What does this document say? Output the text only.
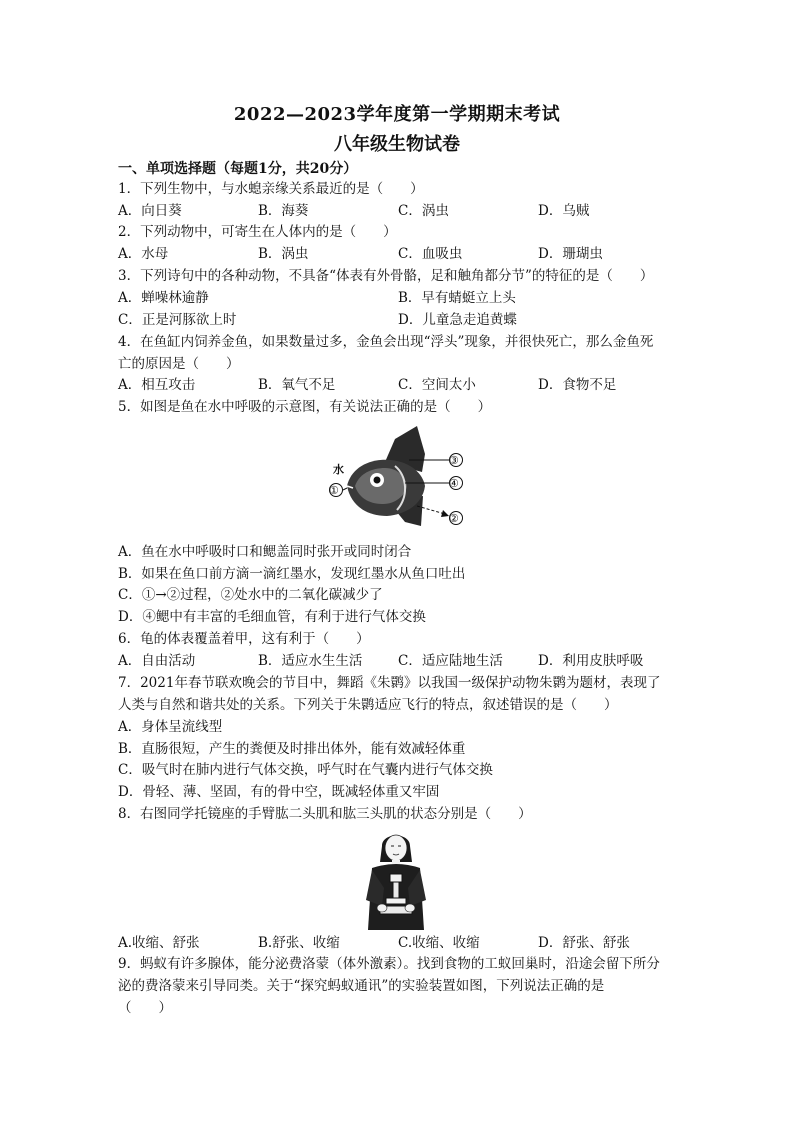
2022—2023学年度第一学期期末考试
八年级生物试卷
一、单项选择题（每题1分，共20分）
1．下列生物中，与水螅亲缘关系最近的是（　　）
A．向日葵	B．海葵	C．涡虫	D．乌贼
2．下列动物中，可寄生在人体内的是（　　）
A．水母	B．涡虫	C．血吸虫	D．珊瑚虫
3．下列诗句中的各种动物，不具备“体表有外骨骼，足和触角都分节”的特征的是（　　）
A．蝉噪林逾静	B．早有蜻蜓立上头
C．正是河豚欲上时	D．儿童急走追黄蝶
4．在鱼缸内饲养金鱼，如果数量过多，金鱼会出现“浮头”现象，并很快死亡，那么金鱼死
亡的原因是（　　）
A．相互攻击	B．氧气不足	C．空间太小	D．食物不足
5．如图是鱼在水中呼吸的示意图，有关说法正确的是（　　）
水
①
③
④
②
A．鱼在水中呼吸时口和鳃盖同时张开或同时闭合
B．如果在鱼口前方滴一滴红墨水，发现红墨水从鱼口吐出
C．①→②过程，②处水中的二氧化碳减少了
D．④鳃中有丰富的毛细血管，有利于进行气体交换
6．龟的体表覆盖着甲，这有利于（　　）
A．自由活动	B．适应水生生活	C．适应陆地生活	D．利用皮肤呼吸
7．2021年春节联欢晚会的节目中，舞蹈《朱鹮》以我国一级保护动物朱鹮为题材，表现了
人类与自然和谐共处的关系。下列关于朱鹮适应飞行的特点，叙述错误的是（　　）
A．身体呈流线型
B．直肠很短，产生的粪便及时排出体外，能有效减轻体重
C．吸气时在肺内进行气体交换，呼气时在气囊内进行气体交换
D．骨轻、薄、坚固，有的骨中空，既减轻体重又牢固
8．右图同学托镜座的手臂肱二头肌和肱三头肌的状态分别是（　　）
A.收缩、舒张	B.舒张、收缩	C.收缩、收缩	D．舒张、舒张
9．蚂蚁有许多腺体，能分泌费洛蒙（体外激素）。找到食物的工蚁回巢时，沿途会留下所分
泌的费洛蒙来引导同类。关于“探究蚂蚁通讯”的实验装置如图，下列说法正确的是
（　　）
